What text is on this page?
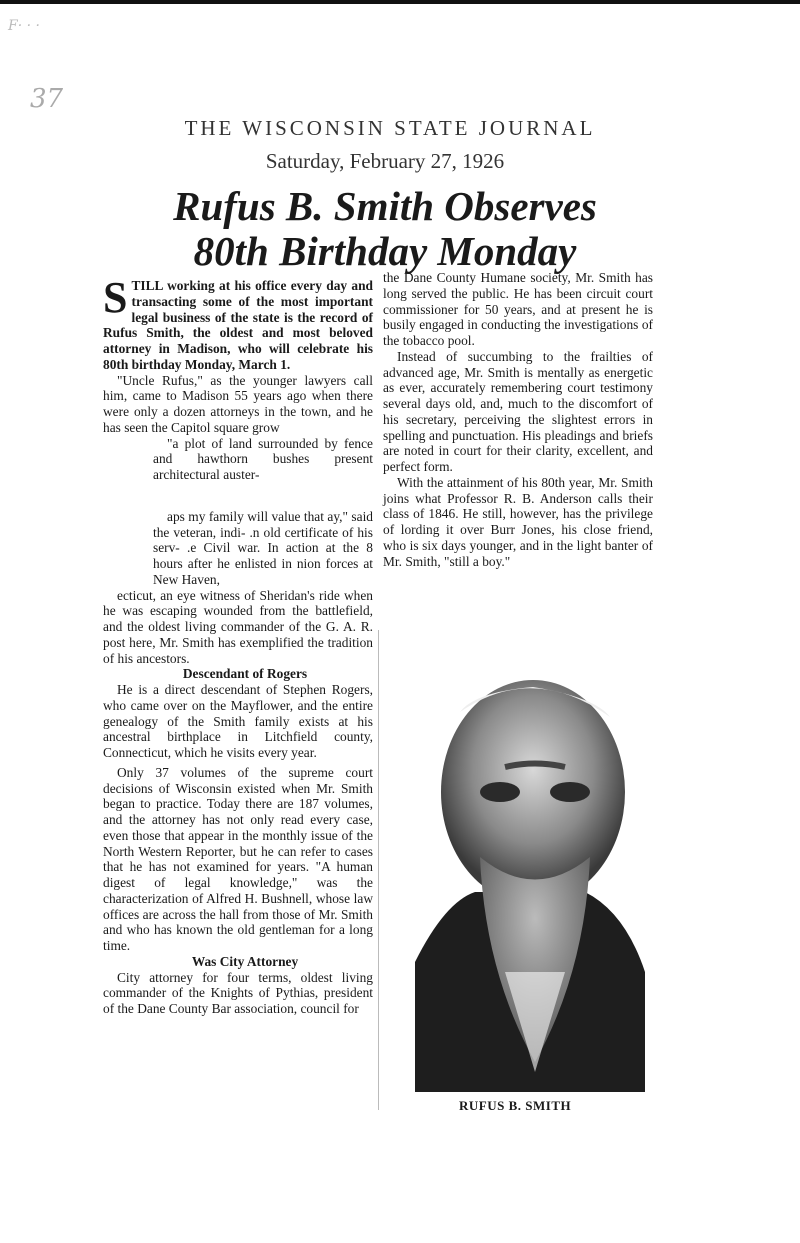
F· · ·
37
THE WISCONSIN STATE JOURNAL
Saturday, February 27, 1926
Rufus B. Smith Observes
80th Birthday Monday

STILL working at his office every day and transacting some of the most important legal business of the state is the record of Rufus Smith, the oldest and most beloved attorney in Madison, who will celebrate his 80th birthday Monday, March 1.

"Uncle Rufus," as the younger lawyers call him, came to Madison 55 years ago when there were only a dozen attorneys in the town, and he has seen the Capitol square grow

"a plot of land surrounded by fence and hawthorn bushes present architectural auster-

aps my family will value that ay," said the veteran, indi- .n old certificate of his serv- .e Civil war. In action at the 8 hours after he enlisted in nion forces at New Haven,

ecticut, an eye witness of Sheridan's ride when he was escaping wounded from the battlefield, and the oldest living commander of the G. A. R. post here, Mr. Smith has exemplified the tradition of his ancestors.

Descendant of Rogers

He is a direct descendant of Stephen Rogers, who came over on the Mayflower, and the entire genealogy of the Smith family exists at his ancestral birthplace in Litchfield county, Connecticut, which he visits every year.

Only 37 volumes of the supreme court decisions of Wisconsin existed when Mr. Smith began to practice. Today there are 187 volumes, and the attorney has not only read every case, even those that appear in the monthly issue of the North Western Reporter, but he can refer to cases that he has not examined for years. "A human digest of legal knowledge," was the characterization of Alfred H. Bushnell, whose law offices are across the hall from those of Mr. Smith and who has known the old gentleman for a long time.

Was City Attorney

City attorney for four terms, oldest living commander of the Knights of Pythias, president of the Dane County Bar association, council for

the Dane County Humane society, Mr. Smith has long served the public. He has been circuit court commissioner for 50 years, and at present he is busily engaged in conducting the investigations of the tobacco pool.

Instead of succumbing to the frailties of advanced age, Mr. Smith is mentally as energetic as ever, accurately remembering court testimony several days old, and, much to the discomfort of his secretary, perceiving the slightest errors in spelling and punctuation. His pleadings and briefs are noted in court for their clarity, excellent, and perfect form.

With the attainment of his 80th year, Mr. Smith joins what Professor R. B. Anderson calls their class of 1846. He still, however, has the privilege of lording it over Burr Jones, his close friend, who is six days younger, and in the light banter of Mr. Smith, "still a boy."

RUFUS B. SMITH
